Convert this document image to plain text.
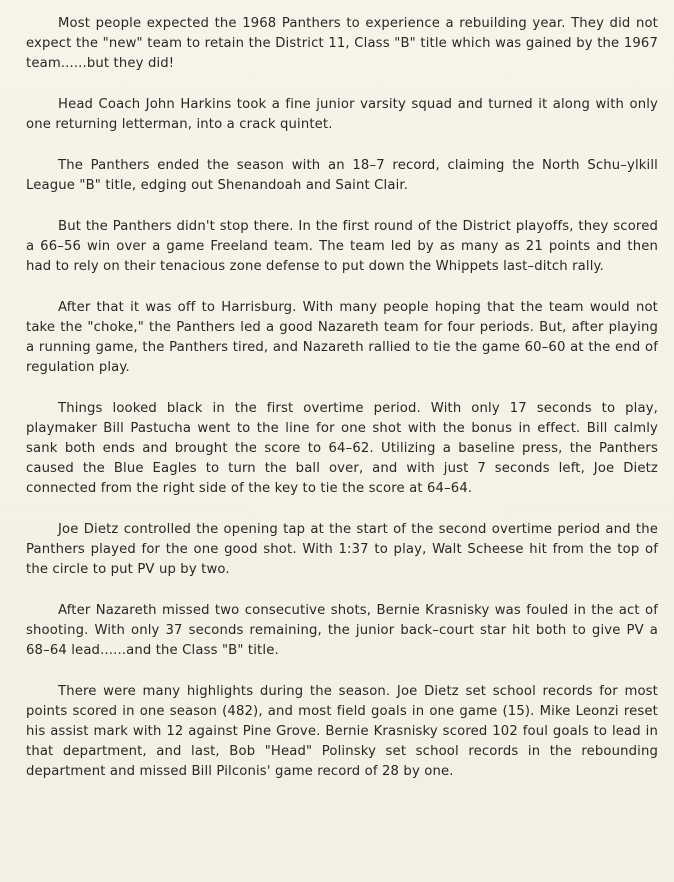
Most people expected the 1968 Panthers to experience a rebuilding year. They did not expect the "new" team to retain the District 11, Class "B" title which was gained by the 1967 team......but they did!

Head Coach John Harkins took a fine junior varsity squad and turned it along with only one returning letterman, into a crack quintet.

The Panthers ended the season with an 18–7 record, claiming the North Schu–ylkill League "B" title, edging out Shenandoah and Saint Clair.

But the Panthers didn't stop there. In the first round of the District playoffs, they scored a 66–56 win over a game Freeland team. The team led by as many as 21 points and then had to rely on their tenacious zone defense to put down the Whippets last–ditch rally.

After that it was off to Harrisburg. With many people hoping that the team would not take the "choke," the Panthers led a good Nazareth team for four periods. But, after playing a running game, the Panthers tired, and Nazareth rallied to tie the game 60–60 at the end of regulation play.

Things looked black in the first overtime period. With only 17 seconds to play, playmaker Bill Pastucha went to the line for one shot with the bonus in effect. Bill calmly sank both ends and brought the score to 64–62. Utilizing a baseline press, the Panthers caused the Blue Eagles to turn the ball over, and with just 7 seconds left, Joe Dietz connected from the right side of the key to tie the score at 64–64.

Joe Dietz controlled the opening tap at the start of the second overtime period and the Panthers played for the one good shot. With 1:37 to play, Walt Scheese hit from the top of the circle to put PV up by two.

After Nazareth missed two consecutive shots, Bernie Krasnisky was fouled in the act of shooting. With only 37 seconds remaining, the junior back–court star hit both to give PV a 68–64 lead......and the Class "B" title.

There were many highlights during the season. Joe Dietz set school records for most points scored in one season (482), and most field goals in one game (15). Mike Leonzi reset his assist mark with 12 against Pine Grove. Bernie Krasnisky scored 102 foul goals to lead in that department, and last, Bob "Head" Polinsky set school records in the rebounding department and missed Bill Pilconis' game record of 28 by one.
